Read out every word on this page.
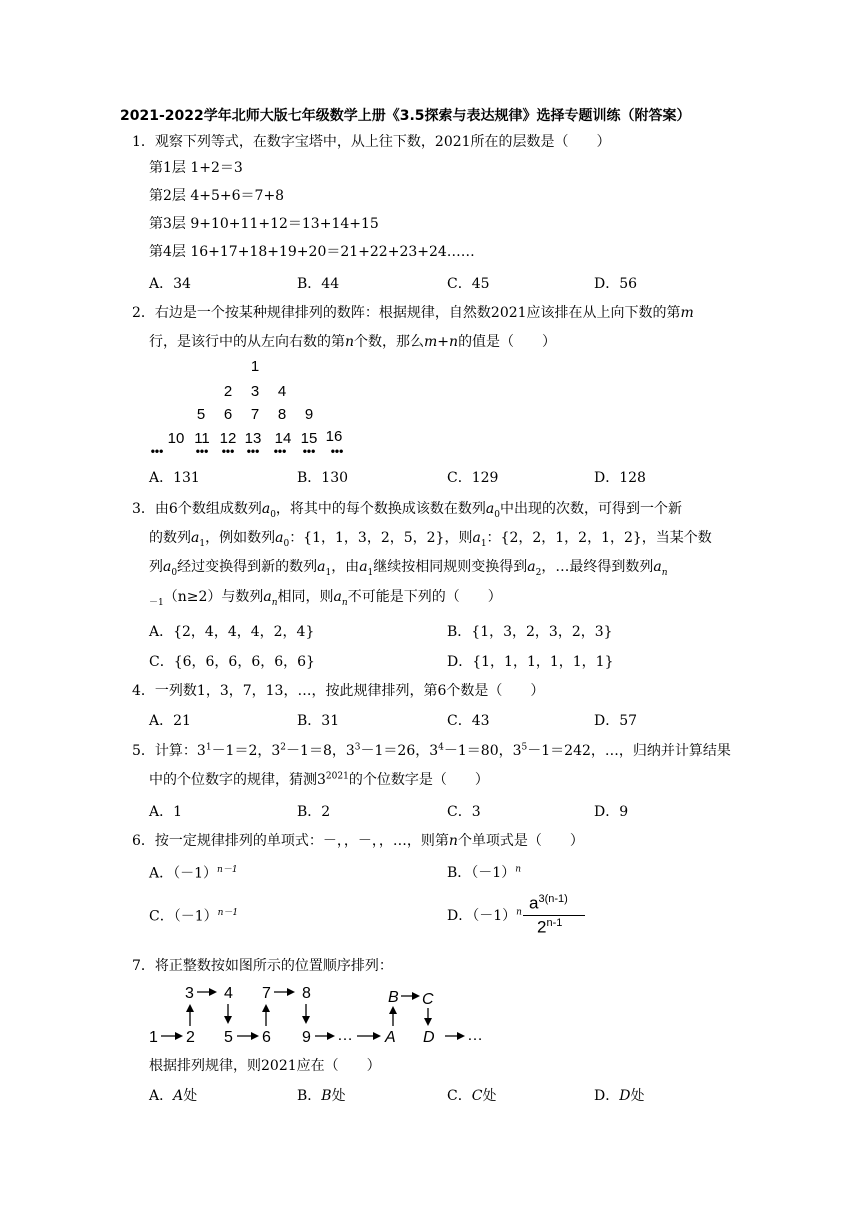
2021-2022学年北师大版七年级数学上册《3.5探索与表达规律》选择专题训练（附答案）
1．观察下列等式，在数字宝塔中，从上往下数，2021所在的层数是（　　）
第1层 1+2＝3
第2层 4+5+6＝7+8
第3层 9+10+11+12＝13+14+15
第4层 16+17+18+19+20＝21+22+23+24……
A．34	B．44	C．45	D．56
2．右边是一个按某种规律排列的数阵：根据规律，自然数2021应该排在从上向下数的第m
行，是该行中的从左向右数的第n个数，那么m+n的值是（　　）
1
2 3 4
5 6 7 8 9
10 11 12 13 14 15 16
•••	••• ••• ••• ••• ••• •••
A．131	B．130	C．129	D．128
3．由6个数组成数列$a_0$，将其中的每个数换成该数在数列$a_0$中出现的次数，可得到一个新
的数列$a_1$，例如数列$a_0$：{1，1，3，2，5，2}，则$a_1$：{2，2，1，2，1，2}，当某个数
列$a_0$经过变换得到新的数列$a_1$，由$a_1$继续按相同规则变换得到$a_2$，…最终得到数列$a_n$
$_{-1}$（n≥2）与数列$a_n$相同，则$a_n$不可能是下列的（　　）
A．{2，4，4，4，2，4}	B．{1，3，2，3，2，3}
C．{6，6，6，6，6，6}	D．{1，1，1，1，1，1}
4．一列数1，3，7，13，…，按此规律排列，第6个数是（　　）
A．21	B．31	C．43	D．57
5．计算：$3^1-1=2$，$3^2-1=8$，$3^3-1=26$，$3^4-1=80$，$3^5-1=242$，…，归纳并计算结果
中的个位数字的规律，猜测$3^{2021}$的个位数字是（　　）
A．1	B．2	C．3	D．9
6．按一定规律排列的单项式：－，，－，，…，则第n个单项式是（　　）
A．$(-1)^{n-1}$	B．$(-1)^n$
C．$(-1)^{n-1}$	D．$(-1)^n$ $a^{3(n-1)}$
2$^{n-1}$
7．将正整数按如图所示的位置顺序排列：
3 4 7 8	B C
1 2 5 6 9 … A D …
根据排列规律，则2021应在（　　）
A．A处	B．B处	C．C处	D．D处
